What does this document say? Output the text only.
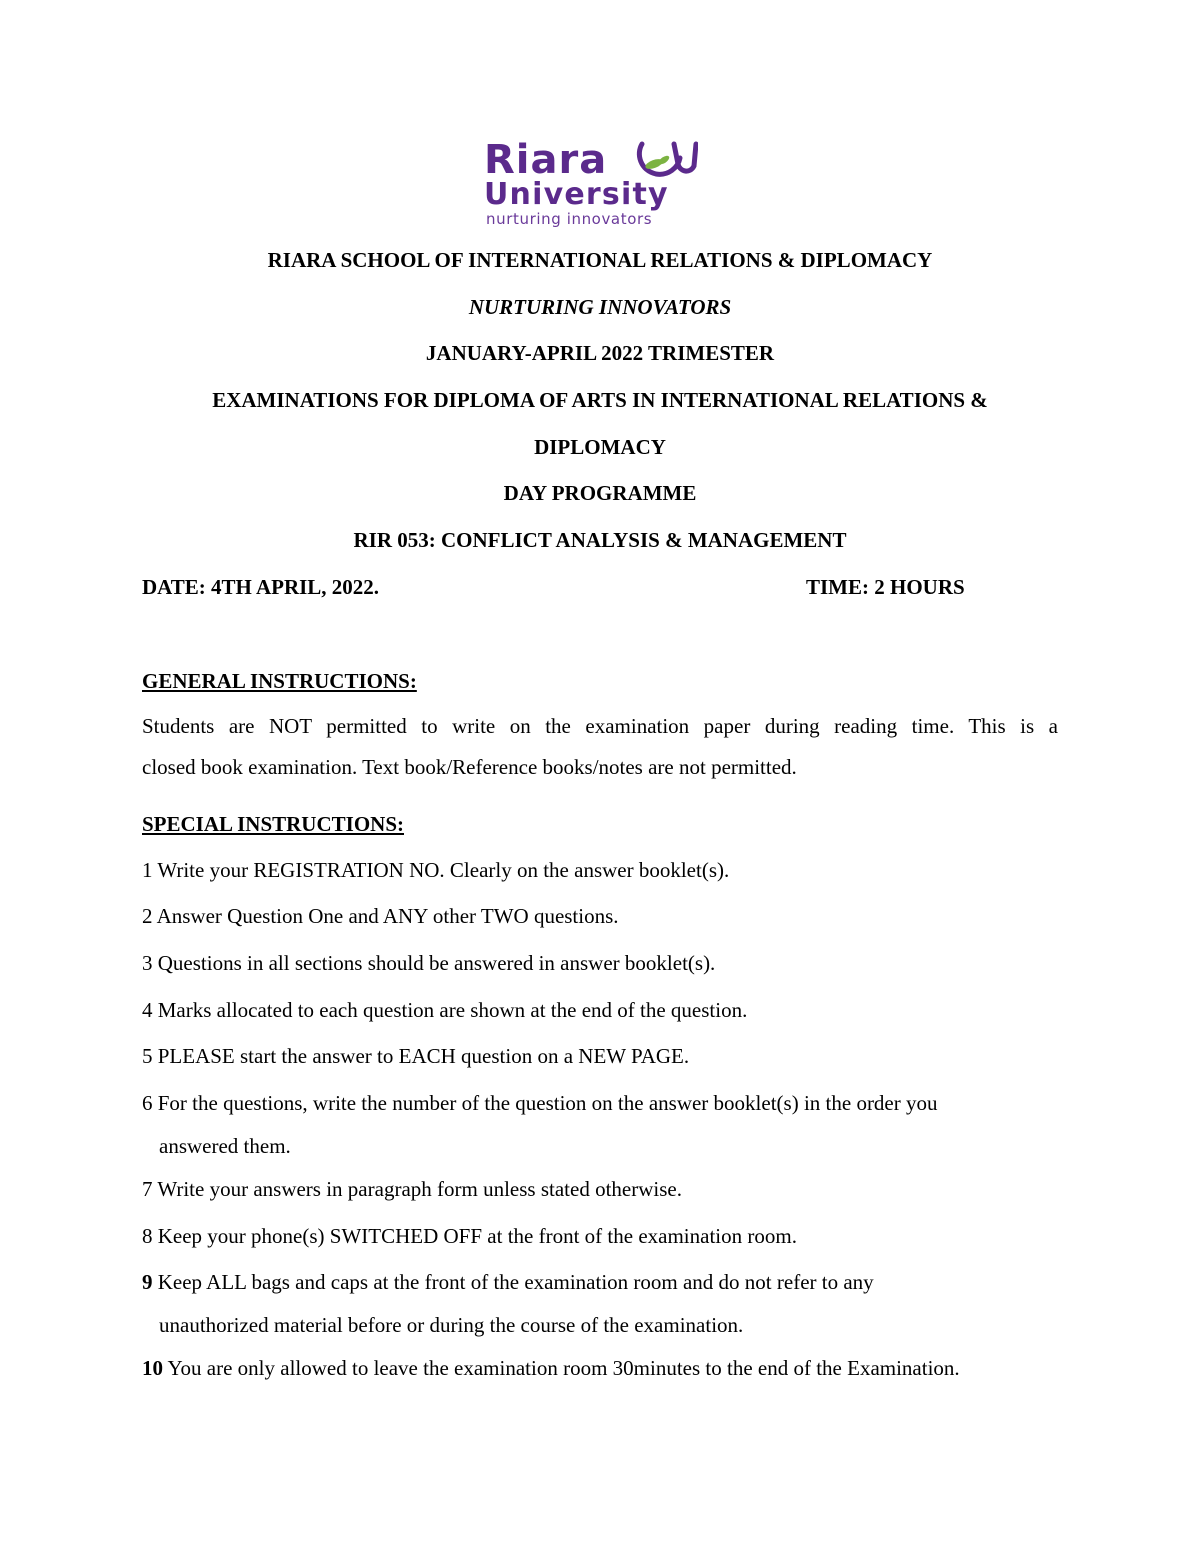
Riara
University
nurturing innovators
RIARA SCHOOL OF INTERNATIONAL RELATIONS & DIPLOMACY
NURTURING INNOVATORS
JANUARY-APRIL 2022 TRIMESTER
EXAMINATIONS FOR DIPLOMA OF ARTS IN INTERNATIONAL RELATIONS &
DIPLOMACY
DAY PROGRAMME
RIR 053: CONFLICT ANALYSIS & MANAGEMENT
DATE: 4TH APRIL, 2022.	TIME: 2 HOURS
GENERAL INSTRUCTIONS:
Students are NOT permitted to write on the examination paper during reading time. This is a
closed book examination. Text book/Reference books/notes are not permitted.
SPECIAL INSTRUCTIONS:
1 Write your REGISTRATION NO. Clearly on the answer booklet(s).
2 Answer Question One and ANY other TWO questions.
3 Questions in all sections should be answered in answer booklet(s).
4 Marks allocated to each question are shown at the end of the question.
5 PLEASE start the answer to EACH question on a NEW PAGE.
6 For the questions, write the number of the question on the answer booklet(s) in the order you
answered them.
7 Write your answers in paragraph form unless stated otherwise.
8 Keep your phone(s) SWITCHED OFF at the front of the examination room.
9 Keep ALL bags and caps at the front of the examination room and do not refer to any
unauthorized material before or during the course of the examination.
10 You are only allowed to leave the examination room 30minutes to the end of the Examination.
